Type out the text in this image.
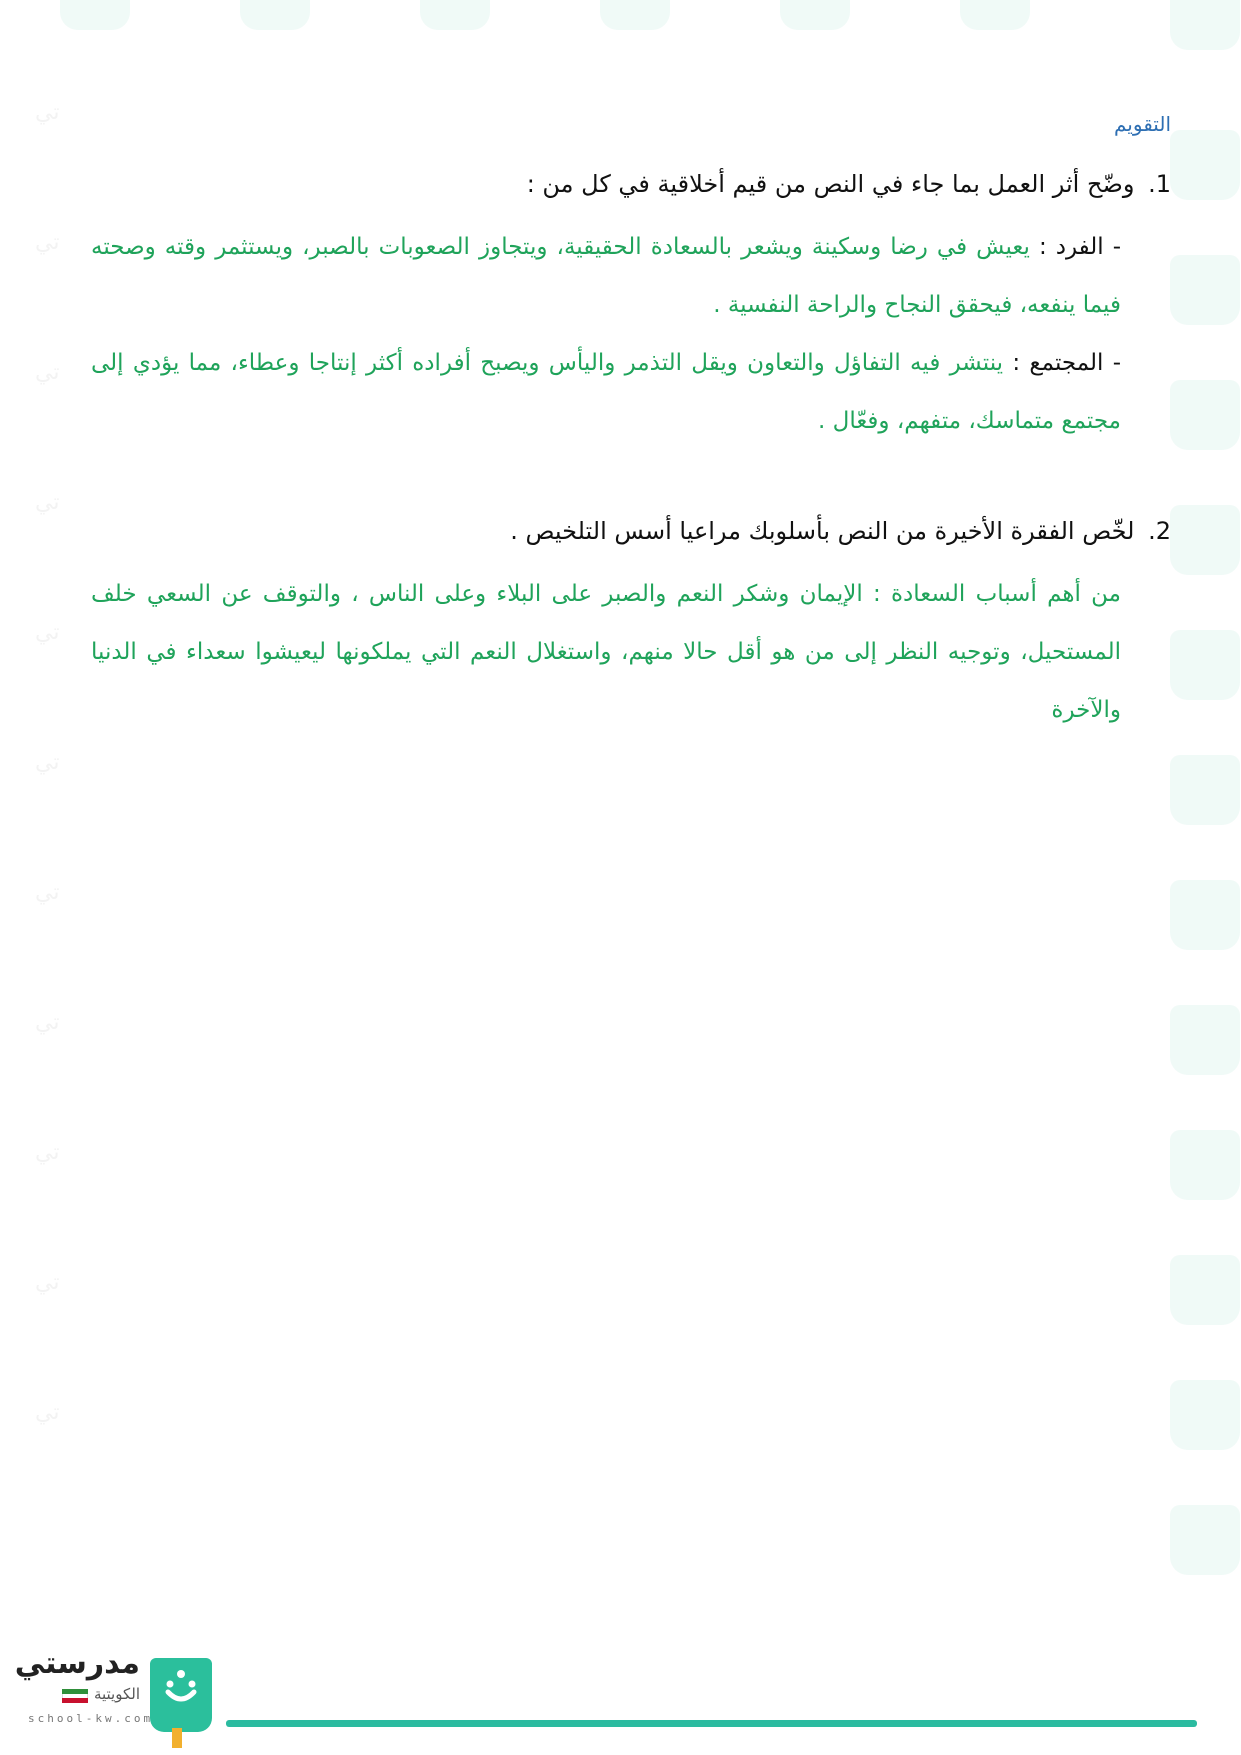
ﺗﻲ
ﺗﻲ
ﺗﻲ
ﺗﻲ
ﺗﻲ
ﺗﻲ
ﺗﻲ
ﺗﻲ
ﺗﻲ
ﺗﻲ
ﺗﻲ
التقويم
1. وضّح أثر العمل بما جاء في النص من قيم أخلاقية في كل من :
- الفرد : يعيش في رضا وسكينة ويشعر بالسعادة الحقيقية، ويتجاوز الصعوبات بالصبر، ويستثمر وقته وصحته فيما ينفعه، فيحقق النجاح والراحة النفسية .
- المجتمع : ينتشر فيه التفاؤل والتعاون ويقل التذمر واليأس ويصبح أفراده أكثر إنتاجا وعطاء، مما يؤدي إلى مجتمع متماسك، متفهم، وفعّال .
2. لخّص الفقرة الأخيرة من النص بأسلوبك مراعيا أسس التلخيص .
من أهم أسباب السعادة : الإيمان وشكر النعم والصبر على البلاء وعلى الناس ، والتوقف عن السعي خلف المستحيل، وتوجيه النظر إلى من هو أقل حالا منهم، واستغلال النعم التي يملكونها ليعيشوا سعداء في الدنيا والآخرة
مدرستي
الكويتية
school-kw.com
